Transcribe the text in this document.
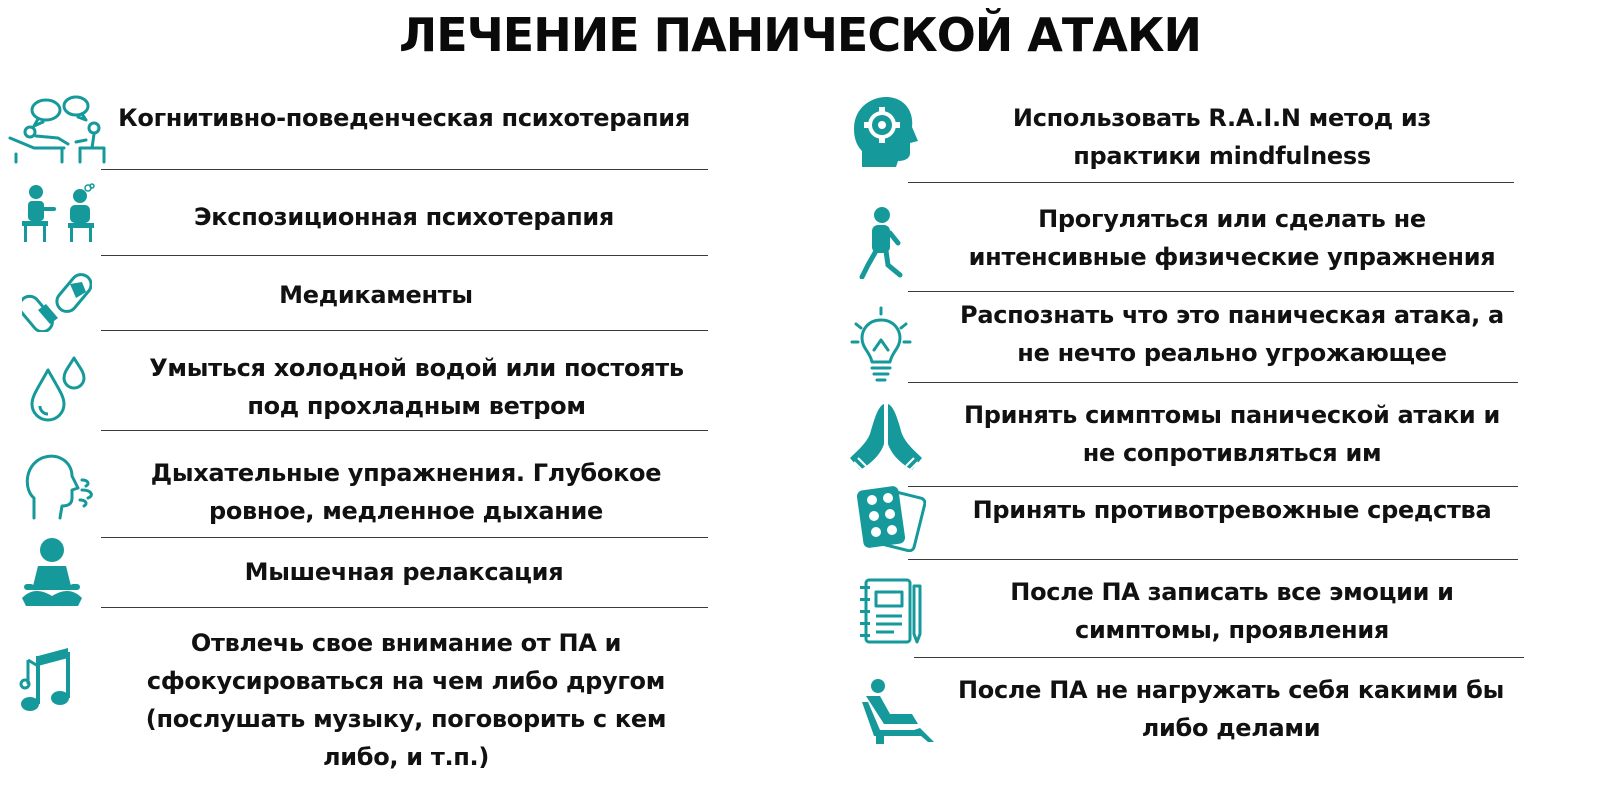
ЛЕЧЕНИЕ ПАНИЧЕСКОЙ АТАКИ
Когнитивно-поведенческая психотерапия
Экспозиционная психотерапия
Медикаменты
Умыться холодной водой или постоять под прохладным ветром
Дыхательные упражнения. Глубокое ровное, медленное дыхание
Мышечная релаксация
Отвлечь свое внимание от ПА и сфокусироваться на чем либо другом (послушать музыку, поговорить с кем либо, и т.п.)
Использовать R.A.I.N метод из практики mindfulness
Прогуляться или сделать не интенсивные физические упражнения
Распознать что это паническая атака, а не нечто реально угрожающее
Принять симптомы панической атаки и не сопротивляться им
Принять противотревожные средства
После ПА записать все эмоции и симптомы, проявления
После ПА не нагружать себя какими бы либо делами
